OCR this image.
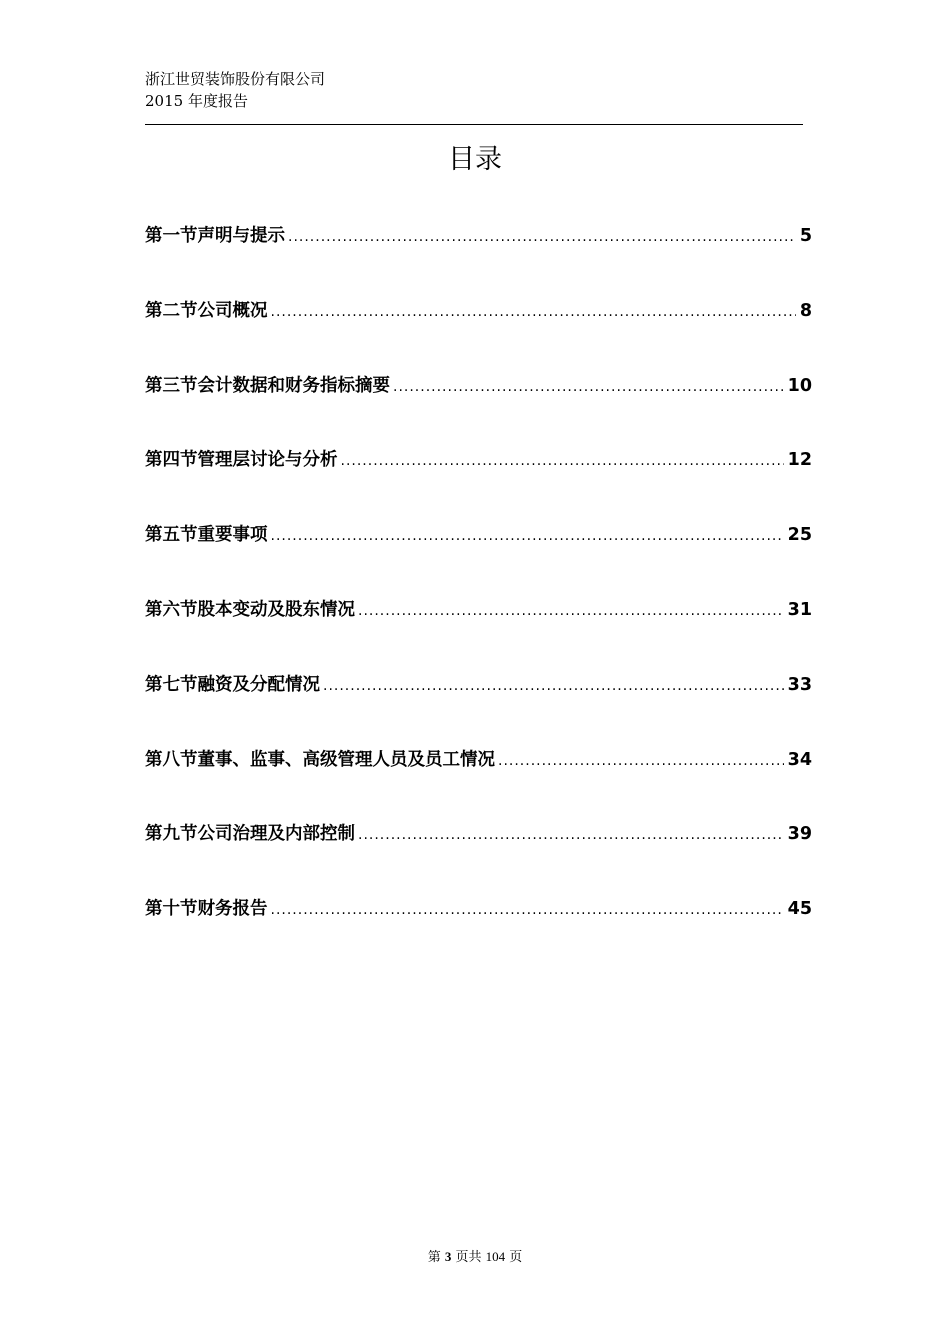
浙江世贸装饰股份有限公司
2015 年度报告
目录
第一节声明与提示 .....	5
第二节公司概况 .....	8
第三节会计数据和财务指标摘要 .....	10
第四节管理层讨论与分析 .....	12
第五节重要事项 .....	25
第六节股本变动及股东情况 .....	31
第七节融资及分配情况 .....	33
第八节董事、监事、高级管理人员及员工情况 .....	34
第九节公司治理及内部控制 .....	39
第十节财务报告 .....	45
第 3 页共 104 页
